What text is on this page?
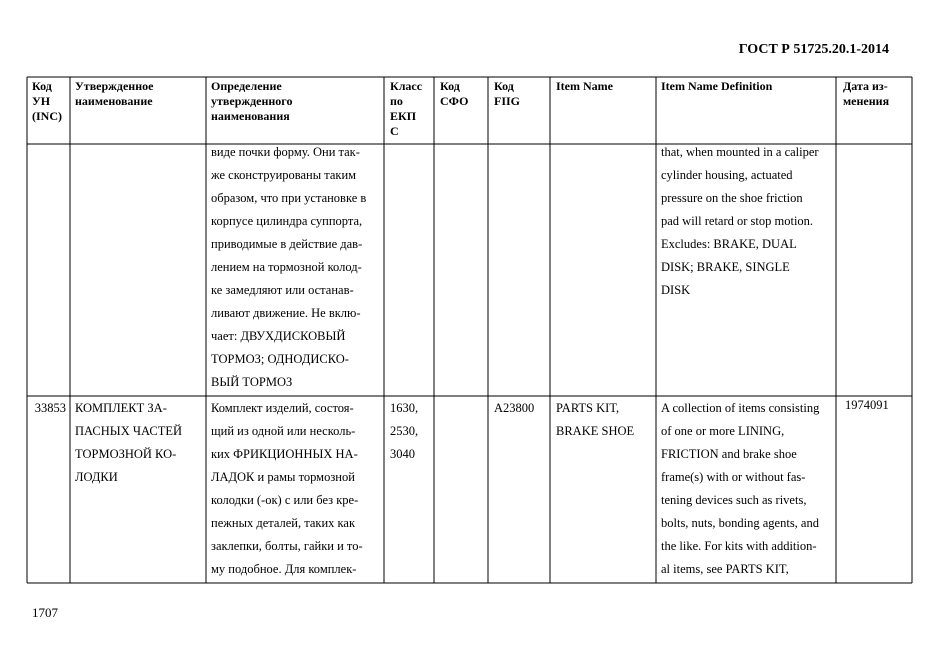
ГОСТ Р 51725.20.1-2014
Код
УН
(INC)
Утвержденное
наименование
Определение
утвержденного
наименования
Класс
по
ЕКП
С
Код
СФО
Код
FIIG
Item Name	Item Name Definition	Дата из-
менения
виде почки форму. Они так-
же сконструированы таким
образом, что при установке в
корпусе цилиндра суппорта,
приводимые в действие дав-
лением на тормозной колод-
ке замедляют или останав-
ливают движение. Не вклю-
чает: ДВУХДИСКОВЫЙ
ТОРМОЗ; ОДНОДИСКО-
ВЫЙ ТОРМОЗ
that, when mounted in a caliper
cylinder housing, actuated
pressure on the shoe friction
pad will retard or stop motion.
Excludes: BRAKE, DUAL
DISK; BRAKE, SINGLE
DISK
33853 КОМПЛЕКТ ЗА-
ПАСНЫХ ЧАСТЕЙ
ТОРМОЗНОЙ КО-
ЛОДКИ
Комплект изделий, состоя-
щий из одной или несколь-
ких ФРИКЦИОННЫХ НА-
ЛАДОК и рамы тормозной
колодки (-ок) с или без кре-
пежных деталей, таких как
заклепки, болты, гайки и то-
му подобное. Для комплек-
1630,
2530,
3040
A23800 PARTS KIT,
BRAKE SHOE
A collection of items consisting
of one or more LINING,
FRICTION and brake shoe
frame(s) with or without fas-
tening devices such as rivets,
bolts, nuts, bonding agents, and
the like. For kits with addition-
al items, see PARTS KIT,
1974091
1707
